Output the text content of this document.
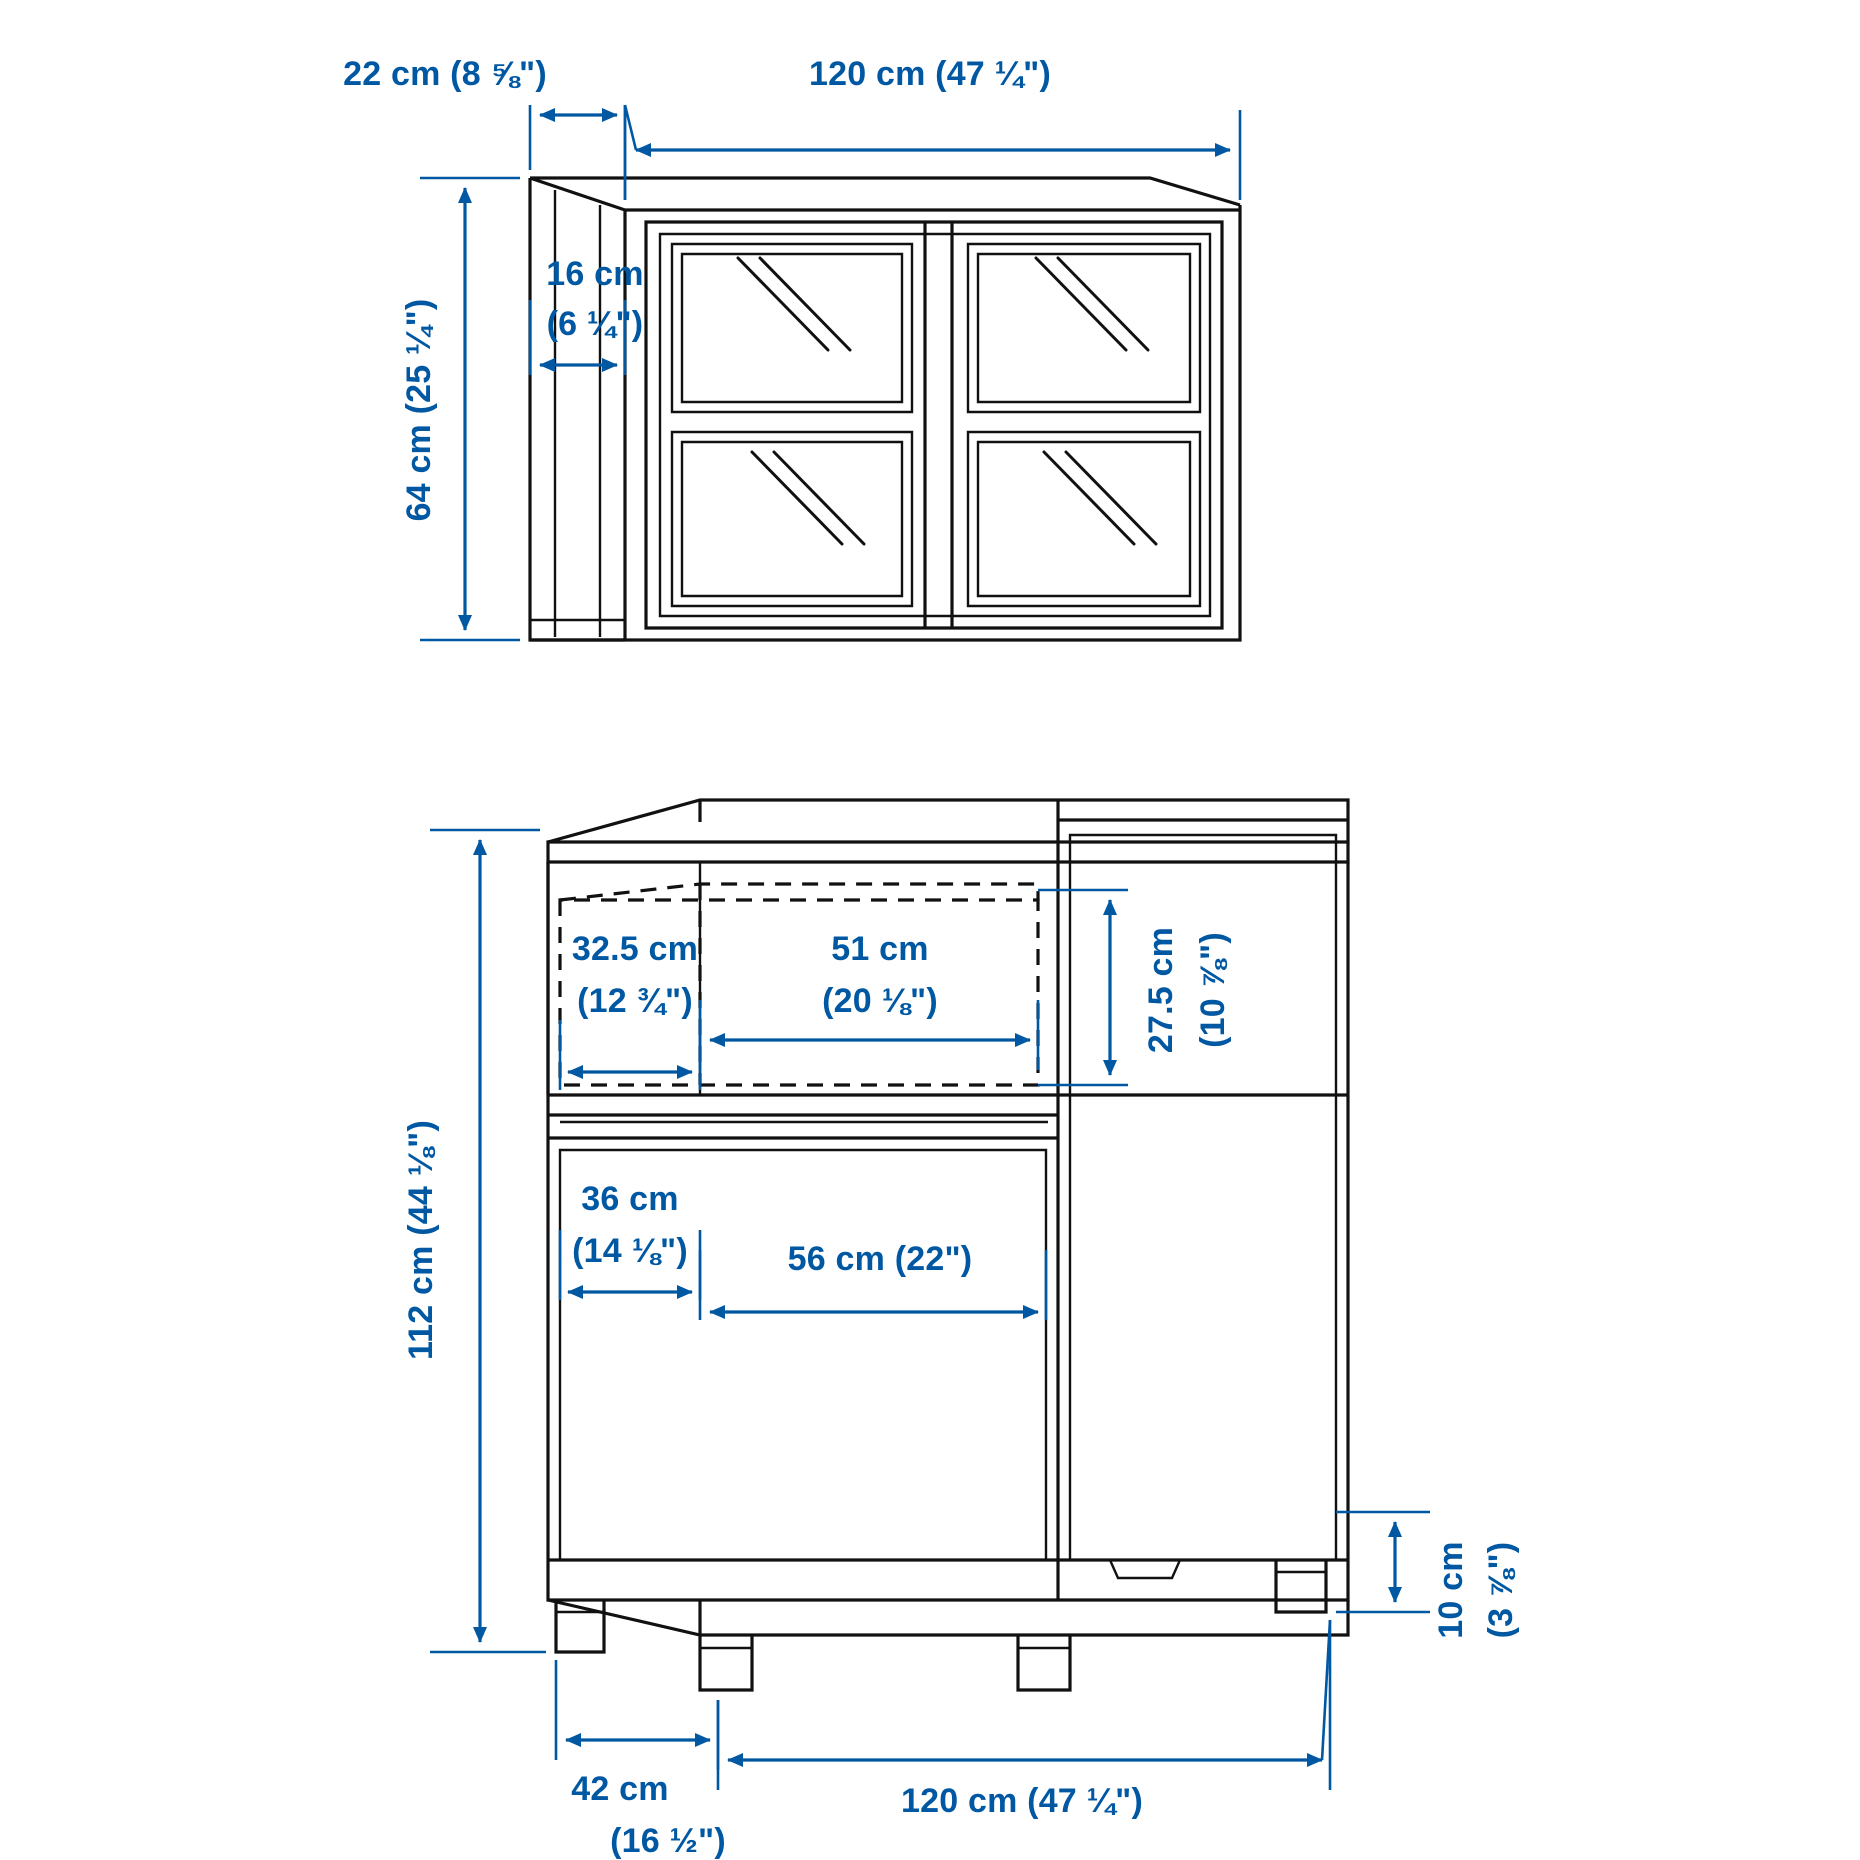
22 cm (8 ⅝")	120 cm (47 ¼")
64 cm (25 ¼")
16 cm
(6 ¼")
32.5 cm
(12 ¾")
51 cm
(20 ⅛")	27.5 cm (10 ⅞")
36 cm
(14 ⅛")	56 cm (22")
112 cm (44 ⅛")
10 cm (3 ⅞")
42 cm
(16 ½")
120 cm (47 ¼")
